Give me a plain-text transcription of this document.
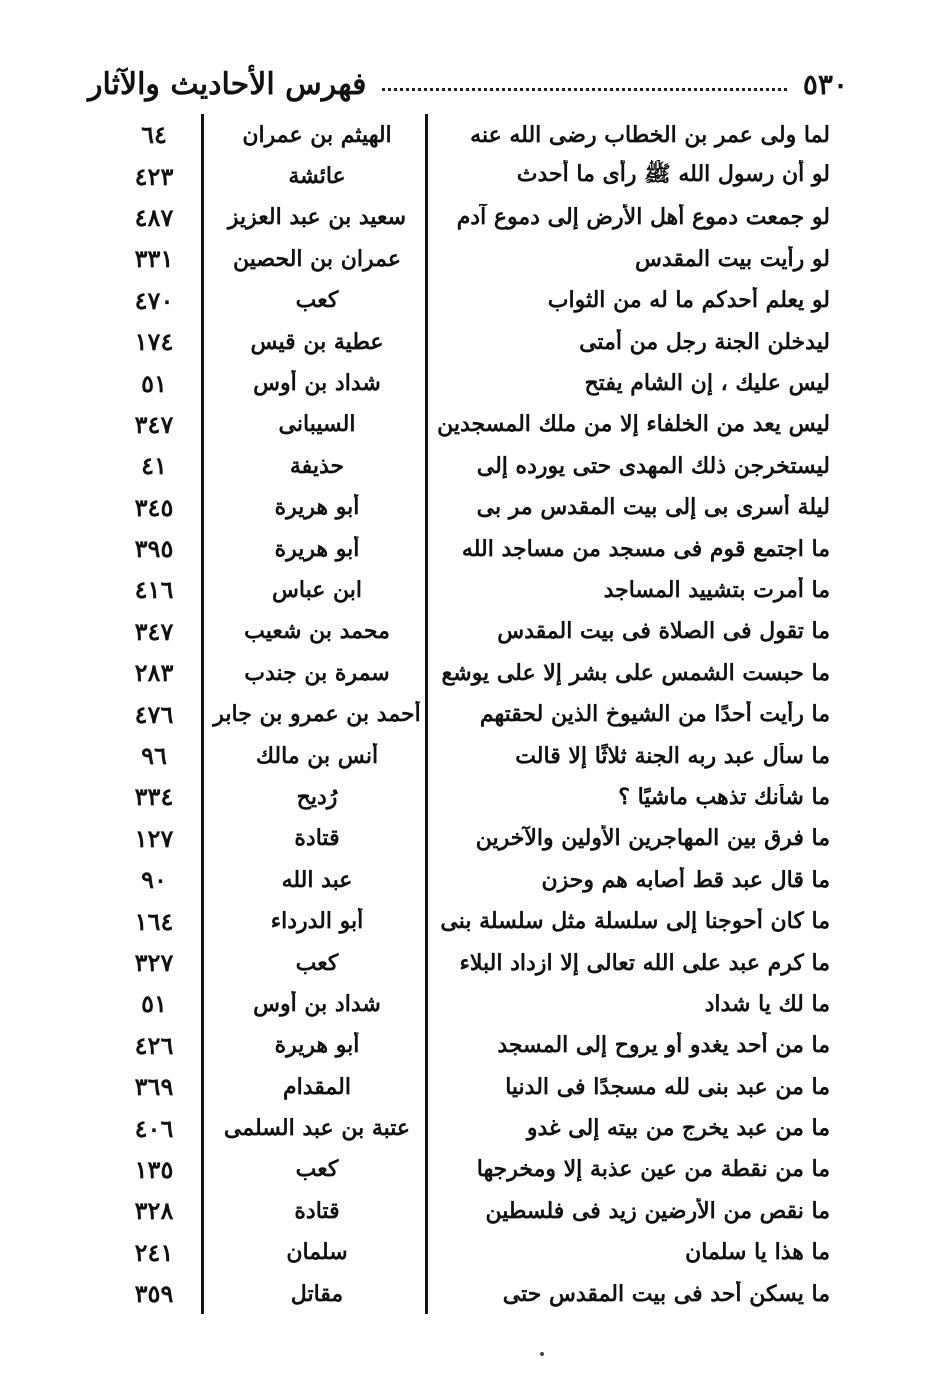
٥٣٠
فهرس الأحاديث والآثار
لما ولى عمر بن الخطاب رضى الله عنه
الهيثم بن عمران
٦٤
لو أن رسول الله ﷺ رأى ما أحدث
عائشة
٤٢٣
لو جمعت دموع أهل الأرض إلى دموع آدم
سعيد بن عبد العزيز
٤٨٧
لو رأيت بيت المقدس
عمران بن الحصين
٣٣١
لو يعلم أحدكم ما له من الثواب
كعب
٤٧٠
ليدخلن الجنة رجل من أمتى
عطية بن قيس
١٧٤
ليس عليك ، إن الشام يفتح
شداد بن أوس
٥١
ليس يعد من الخلفاء إلا من ملك المسجدين
السيبانى
٣٤٧
ليستخرجن ذلك المهدى حتى يورده إلى
حذيفة
٤١
ليلة أسرى بى إلى بيت المقدس مر بى
أبو هريرة
٣٤٥
ما اجتمع قوم فى مسجد من مساجد الله
أبو هريرة
٣٩٥
ما أمرت بتشييد المساجد
ابن عباس
٤١٦
ما تقول فى الصلاة فى بيت المقدس
محمد بن شعيب
٣٤٧
ما حبست الشمس على بشر إلا على يوشع
سمرة بن جندب
٢٨٣
ما رأيت أحدًا من الشيوخ الذين لحقتهم
أحمد بن عمرو بن جابر
٤٧٦
ما سأل عبد ربه الجنة ثلاثًا إلا قالت
أنس بن مالك
٩٦
ما شأنك تذهب ماشيًا ؟
رُديح
٣٣٤
ما فرق بين المهاجرين الأولين والآخرين
قتادة
١٢٧
ما قال عبد قط أصابه هم وحزن
عبد الله
٩٠
ما كان أحوجنا إلى سلسلة مثل سلسلة بنى
أبو الدرداء
١٦٤
ما كرم عبد على الله تعالى إلا ازداد البلاء
كعب
٣٢٧
ما لك يا شداد
شداد بن أوس
٥١
ما من أحد يغدو أو يروح إلى المسجد
أبو هريرة
٤٢٦
ما من عبد بنى لله مسجدًا فى الدنيا
المقدام
٣٦٩
ما من عبد يخرج من بيته إلى غدو
عتبة بن عبد السلمى
٤٠٦
ما من نقطة من عين عذبة إلا ومخرجها
كعب
١٣٥
ما نقص من الأرضين زيد فى فلسطين
قتادة
٣٢٨
ما هذا يا سلمان
سلمان
٢٤١
ما يسكن أحد فى بيت المقدس حتى
مقاتل
٣٥٩
